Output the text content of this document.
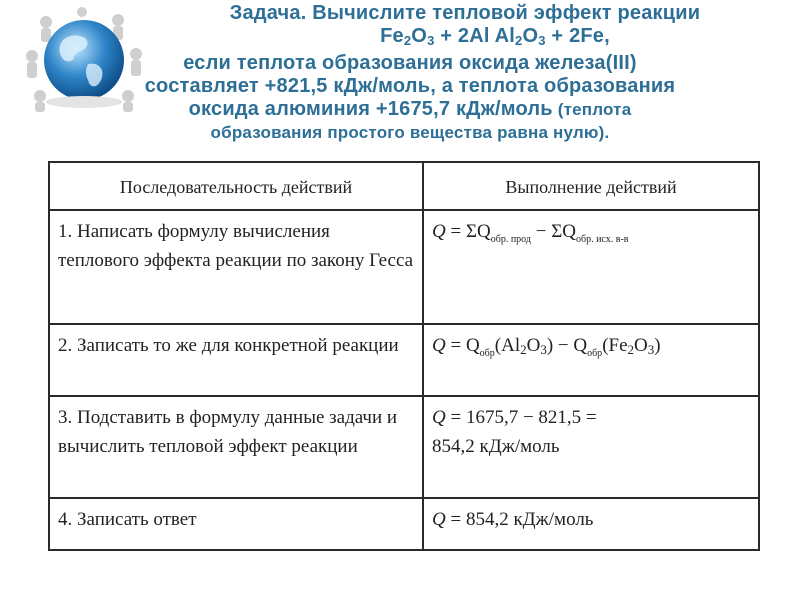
Задача. Вычислите тепловой эффект реакции
$Fe_2O_3 + 2Al$ $Al_2O_3 + 2Fe$,
если теплота образования оксида железа(III)
составляет +821,5 кДж/моль, а теплота образования
оксида алюминия +1675,7 кДж/моль (теплота
образования простого вещества равна нулю).
Последовательность действий	Выполнение действий
1. Написать формулу вычисления теплового эффекта реакции по закону Гесса	$Q = \Sigma Q_{обр. прод} - \Sigma Q_{обр. исх. в-в}$
2. Записать то же для конкретной реакции	$Q = Q_{обр}(Al_2O_3) - Q_{обр}(Fe_2O_3)$
3. Подставить в формулу данные задачи и вычислить тепловой эффект реакции	Q = 1675,7 − 821,5 =
854,2 кДж/моль
4. Записать ответ	Q = 854,2 кДж/моль
